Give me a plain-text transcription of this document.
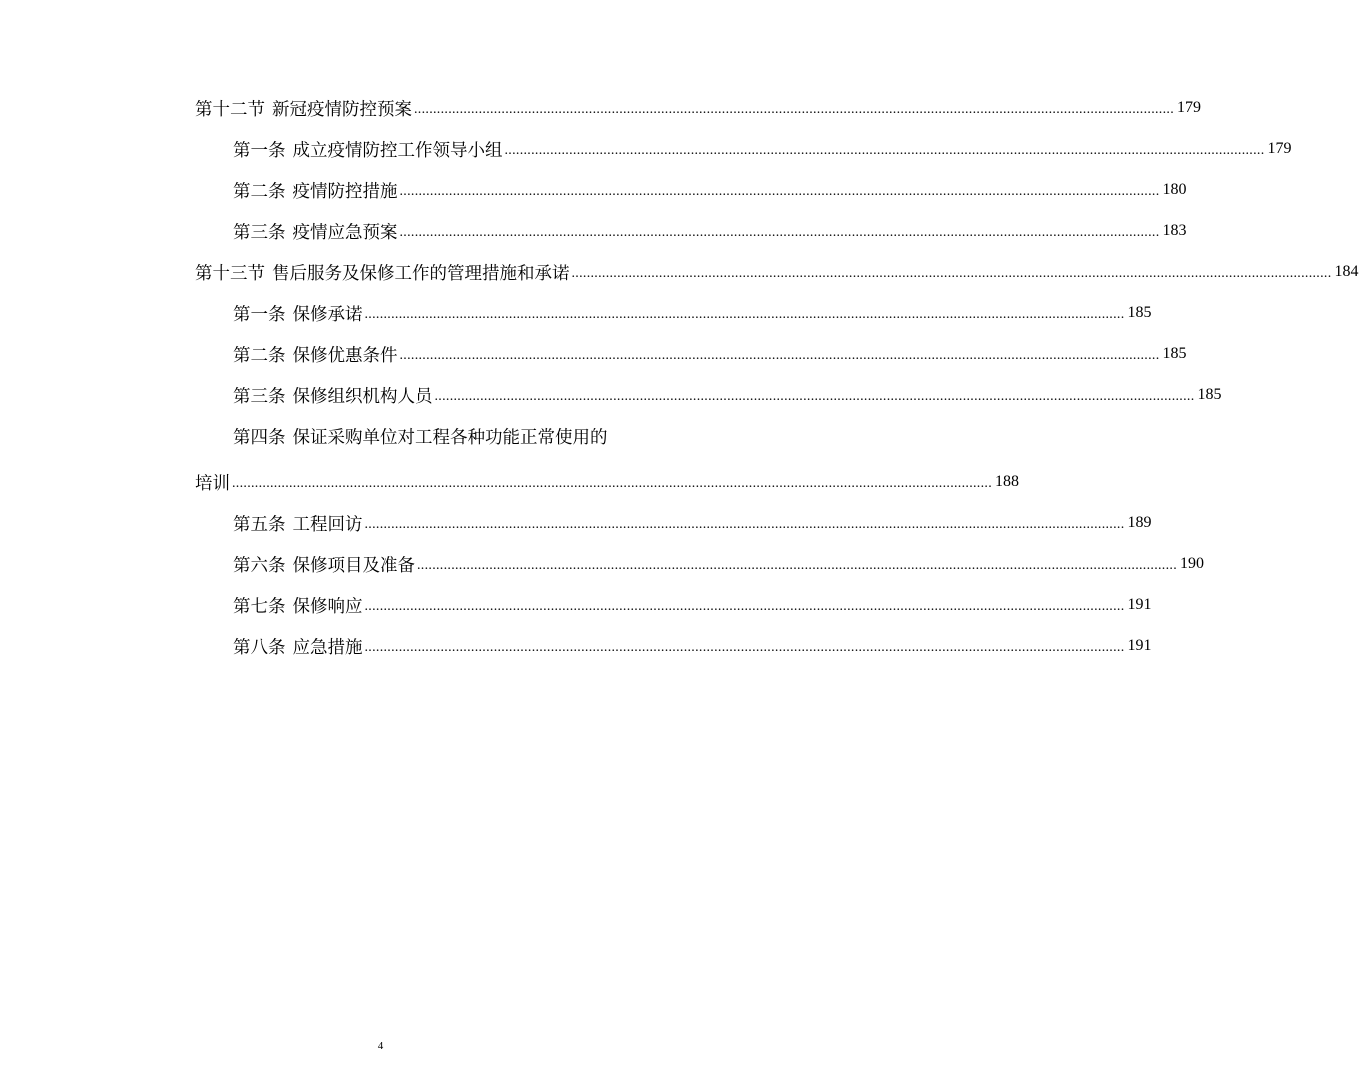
第十二节 新冠疫情防控预案 ........................................................................................................................................................................................................ 179
第一条 成立疫情防控工作领导小组 ........................................................................................................................................................................................................ 179
第二条 疫情防控措施 ........................................................................................................................................................................................................ 180
第三条 疫情应急预案 ........................................................................................................................................................................................................ 183
第十三节 售后服务及保修工作的管理措施和承诺 ........................................................................................................................................................................................................ 184
第一条 保修承诺 ........................................................................................................................................................................................................ 185
第二条 保修优惠条件 ........................................................................................................................................................................................................ 185
第三条 保修组织机构人员 ........................................................................................................................................................................................................ 185
第四条 保证采购单位对工程各种功能正常使用的
培训 ........................................................................................................................................................................................................ 188
第五条 工程回访 ........................................................................................................................................................................................................ 189
第六条 保修项目及准备 ........................................................................................................................................................................................................ 190
第七条 保修响应 ........................................................................................................................................................................................................ 191
第八条 应急措施 ........................................................................................................................................................................................................ 191
4
